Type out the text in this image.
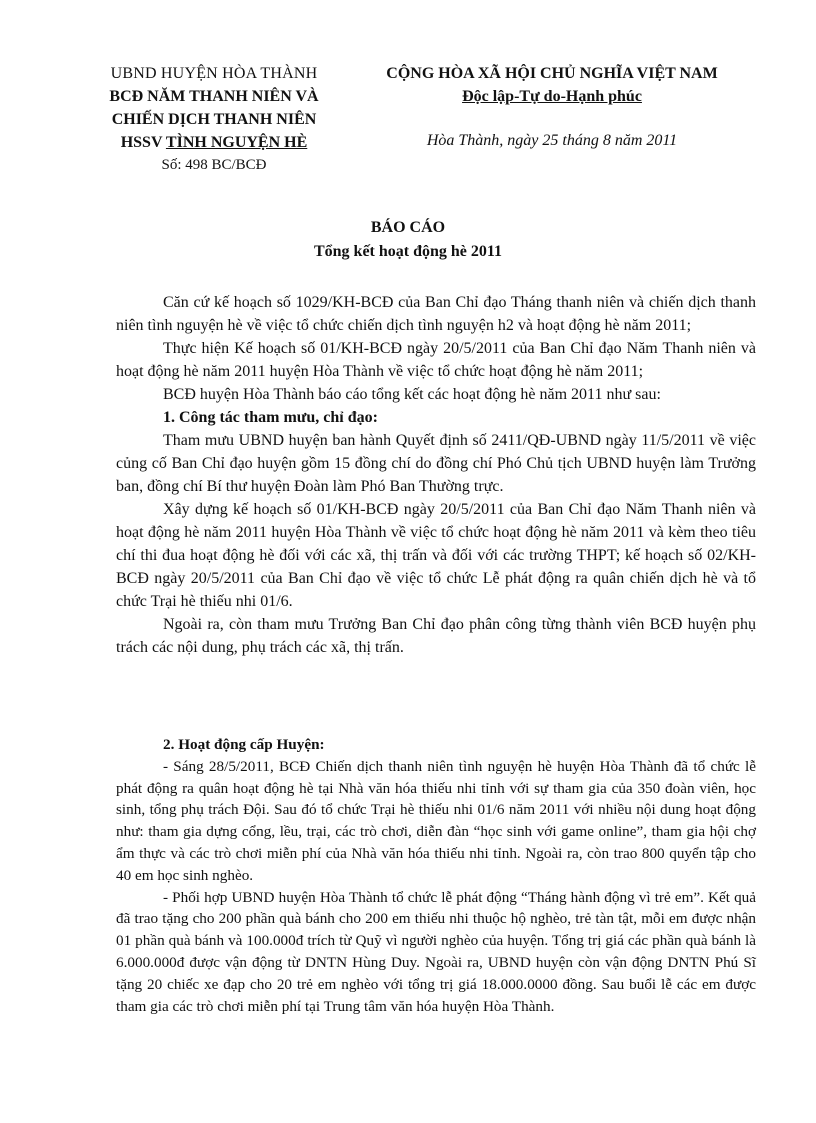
UBND HUYỆN HÒA THÀNH
BCĐ NĂM THANH NIÊN VÀ
CHIẾN DỊCH THANH NIÊN
HSSV TÌNH NGUYỆN HÈ
Số: 498 BC/BCĐ
CỘNG HÒA XÃ HỘI CHỦ NGHĨA VIỆT NAM
Độc lập-Tự do-Hạnh phúc
Hòa Thành, ngày 25 tháng 8 năm 2011
BÁO CÁO
Tổng kết hoạt động hè 2011

Căn cứ kế hoạch số 1029/KH-BCĐ của Ban Chỉ đạo Tháng thanh niên và chiến dịch thanh niên tình nguyện hè về việc tổ chức chiến dịch tình nguyện h2 và hoạt động hè năm 2011;

Thực hiện Kế hoạch số 01/KH-BCĐ ngày 20/5/2011 của Ban Chỉ đạo Năm Thanh niên và hoạt động hè năm 2011 huyện Hòa Thành về việc tổ chức hoạt động hè năm 2011;

BCĐ huyện Hòa Thành báo cáo tổng kết các hoạt động hè năm 2011 như sau:

1. Công tác tham mưu, chỉ đạo:

Tham mưu UBND huyện ban hành Quyết định số 2411/QĐ-UBND ngày 11/5/2011 về việc củng cố Ban Chỉ đạo huyện gồm 15 đồng chí do đồng chí Phó Chủ tịch UBND huyện làm Trưởng ban, đồng chí Bí thư huyện Đoàn làm Phó Ban Thường trực.

Xây dựng kế hoạch số 01/KH-BCĐ ngày 20/5/2011 của Ban Chỉ đạo Năm Thanh niên và hoạt động hè năm 2011 huyện Hòa Thành về việc tổ chức hoạt động hè năm 2011 và kèm theo tiêu chí thi đua hoạt động hè đối với các xã, thị trấn và đối với các trường THPT; kế hoạch số 02/KH-BCĐ ngày 20/5/2011 của Ban Chỉ đạo về việc tổ chức Lễ phát động ra quân chiến dịch hè và tổ chức Trại hè thiếu nhi 01/6.

Ngoài ra, còn tham mưu Trưởng Ban Chỉ đạo phân công từng thành viên BCĐ huyện phụ trách các nội dung, phụ trách các xã, thị trấn.

2. Hoạt động cấp Huyện:

- Sáng 28/5/2011, BCĐ Chiến dịch thanh niên tình nguyện hè huyện Hòa Thành đã tổ chức lễ phát động ra quân hoạt động hè tại Nhà văn hóa thiếu nhi tỉnh với sự tham gia của 350 đoàn viên, học sinh, tổng phụ trách Đội. Sau đó tổ chức Trại hè thiếu nhi 01/6 năm 2011 với nhiều nội dung hoạt động như: tham gia dựng cổng, lều, trại, các trò chơi, diễn đàn “học sinh với game online”, tham gia hội chợ ẩm thực và các trò chơi miễn phí của Nhà văn hóa thiếu nhi tỉnh. Ngoài ra, còn trao 800 quyển tập cho 40 em học sinh nghèo.

- Phối hợp UBND huyện Hòa Thành tổ chức lễ phát động “Tháng hành động vì trẻ em”. Kết quả đã trao tặng cho 200 phần quà bánh cho 200 em thiếu nhi thuộc hộ nghèo, trẻ tàn tật, mỗi em được nhận 01 phần quà bánh và 100.000đ trích từ Quỹ vì người nghèo của huyện. Tổng trị giá các phần quà bánh là 6.000.000đ được vận động từ DNTN Hùng Duy. Ngoài ra, UBND huyện còn vận động DNTN Phú Sĩ tặng 20 chiếc xe đạp cho 20 trẻ em nghèo với tổng trị giá 18.000.0000 đồng. Sau buổi lễ các em được tham gia các trò chơi miễn phí tại Trung tâm văn hóa huyện Hòa Thành.
